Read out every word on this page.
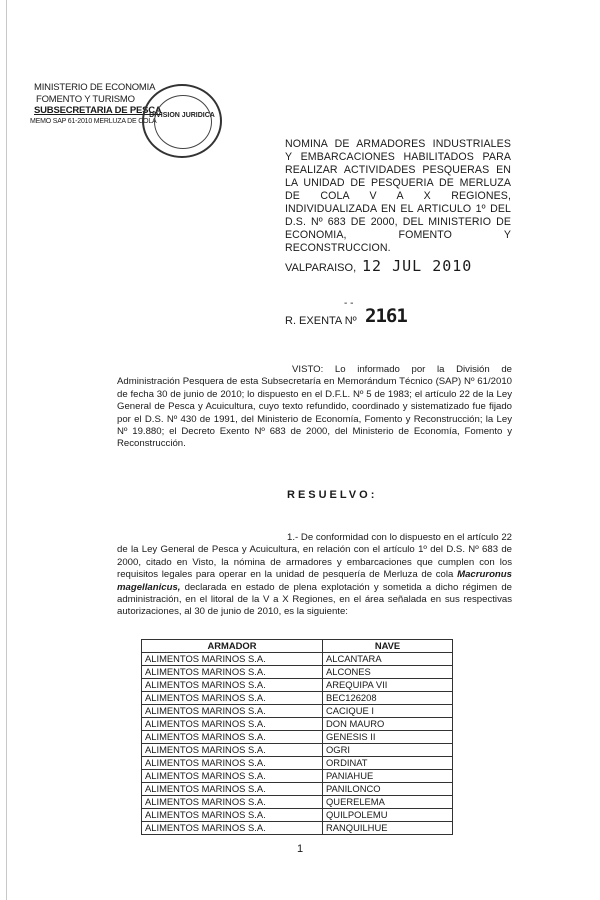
MINISTERIO DE ECONOMIA
FOMENTO Y TURISMO
SUBSECRETARIA DE PESCA
MEMO SAP 61-2010 MERLUZA DE COLA
DIVISION JURIDICA
NOMINA DE ARMADORES INDUSTRIALES
Y EMBARCACIONES HABILITADOS PARA
REALIZAR ACTIVIDADES PESQUERAS EN
LA UNIDAD DE PESQUERIA DE MERLUZA
DE COLA V A X REGIONES,
INDIVIDUALIZADA EN EL ARTICULO 1º DEL
D.S. Nº 683 DE 2000, DEL MINISTERIO DE
ECONOMIA, FOMENTO Y
RECONSTRUCCION.
VALPARAISO, 12 JUL 2010
- -
R. EXENTA Nº 2161
VISTO: Lo informado por la División de Administración Pesquera de esta Subsecretaría en Memorándum Técnico (SAP) Nº 61/2010 de fecha 30 de junio de 2010; lo dispuesto en el D.F.L. Nº 5 de 1983; el artículo 22 de la Ley General de Pesca y Acuicultura, cuyo texto refundido, coordinado y sistematizado fue fijado por el D.S. Nº 430 de 1991, del Ministerio de Economía, Fomento y Reconstrucción; la Ley Nº 19.880; el Decreto Exento Nº 683 de 2000, del Ministerio de Economía, Fomento y Reconstrucción.
RESUELVO:
1.- De conformidad con lo dispuesto en el artículo 22 de la Ley General de Pesca y Acuicultura, en relación con el artículo 1º del D.S. Nº 683 de 2000, citado en Visto, la nómina de armadores y embarcaciones que cumplen con los requisitos legales para operar en la unidad de pesquería de Merluza de cola Macruronus magellanicus, declarada en estado de plena explotación y sometida a dicho régimen de administración, en el litoral de la V a X Regiones, en el área señalada en sus respectivas autorizaciones, al 30 de junio de 2010, es la siguiente:
ARMADOR	NAVE
ALIMENTOS MARINOS S.A.	ALCANTARA
ALIMENTOS MARINOS S.A.	ALCONES
ALIMENTOS MARINOS S.A.	AREQUIPA VII
ALIMENTOS MARINOS S.A.	BEC126208
ALIMENTOS MARINOS S.A.	CACIQUE I
ALIMENTOS MARINOS S.A.	DON MAURO
ALIMENTOS MARINOS S.A.	GENESIS II
ALIMENTOS MARINOS S.A.	OGRI
ALIMENTOS MARINOS S.A.	ORDINAT
ALIMENTOS MARINOS S.A.	PANIAHUE
ALIMENTOS MARINOS S.A.	PANILONCO
ALIMENTOS MARINOS S.A.	QUERELEMA
ALIMENTOS MARINOS S.A.	QUILPOLEMU
ALIMENTOS MARINOS S.A.	RANQUILHUE
1
